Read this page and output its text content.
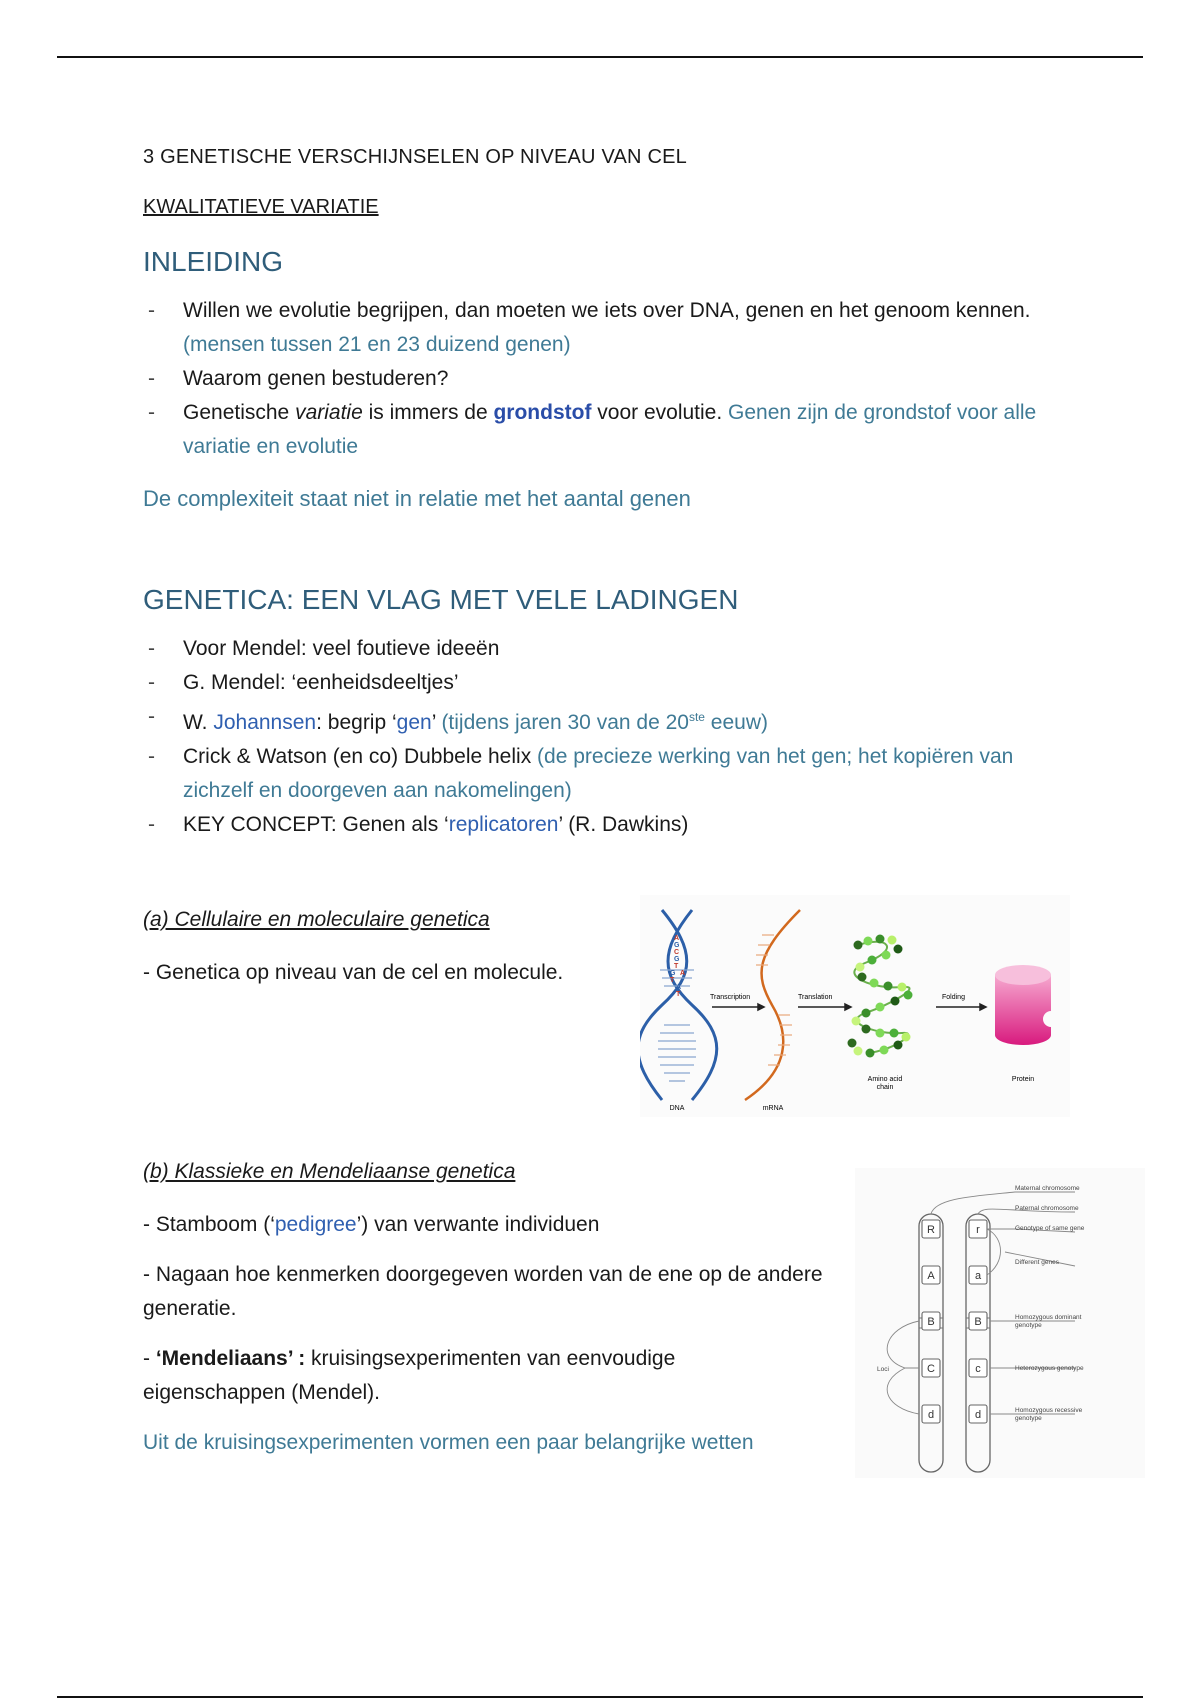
3 GENETISCHE VERSCHIJNSELEN OP NIVEAU VAN CEL
KWALITATIEVE VARIATIE
INLEIDING
- Willen we evolutie begrijpen, dan moeten we iets over DNA, genen en het genoom kennen. (mensen tussen 21 en 23 duizend genen)
- Waarom genen bestuderen?
- Genetische variatie is immers de grondstof voor evolutie. Genen zijn de grondstof voor alle variatie en evolutie
De complexiteit staat niet in relatie met het aantal genen
GENETICA: EEN VLAG MET VELE LADINGEN
- Voor Mendel: veel foutieve ideeën
- G. Mendel: ‘eenheidsdeeltjes’
- W. Johannsen: begrip ‘gen’ (tijdens jaren 30 van de 20ste eeuw)
- Crick & Watson (en co) Dubbele helix (de precieze werking van het gen; het kopiëren van zichzelf en doorgeven aan nakomelingen)
- KEY CONCEPT: Genen als ‘replicatoren’ (R. Dawkins)
(a) Cellulaire en moleculaire genetica
- Genetica op niveau van de cel en molecule.
(b) Klassieke en Mendeliaanse genetica
- Stamboom (‘pedigree’) van verwante individuen
- Nagaan hoe kenmerken doorgegeven worden van de ene op de andere generatie.
- ‘Mendeliaans’ : kruisingsexperimenten van eenvoudige eigenschappen (Mendel).
Uit de kruisingsexperimenten vormen een paar belangrijke wetten
A
G
C
G
T
G A
T
A
T	Transcription	Translation	Folding
DNA	mRNA
Amino acid
chain
Protein
R
A
B
C
d
r
a
B
c
d
Maternal chromosome
Paternal chromosome
Genotype of same gene
Different genes
Homozygous dominant
genotype
Heterozygous genotype
Homozygous recessive
genotype
Loci
